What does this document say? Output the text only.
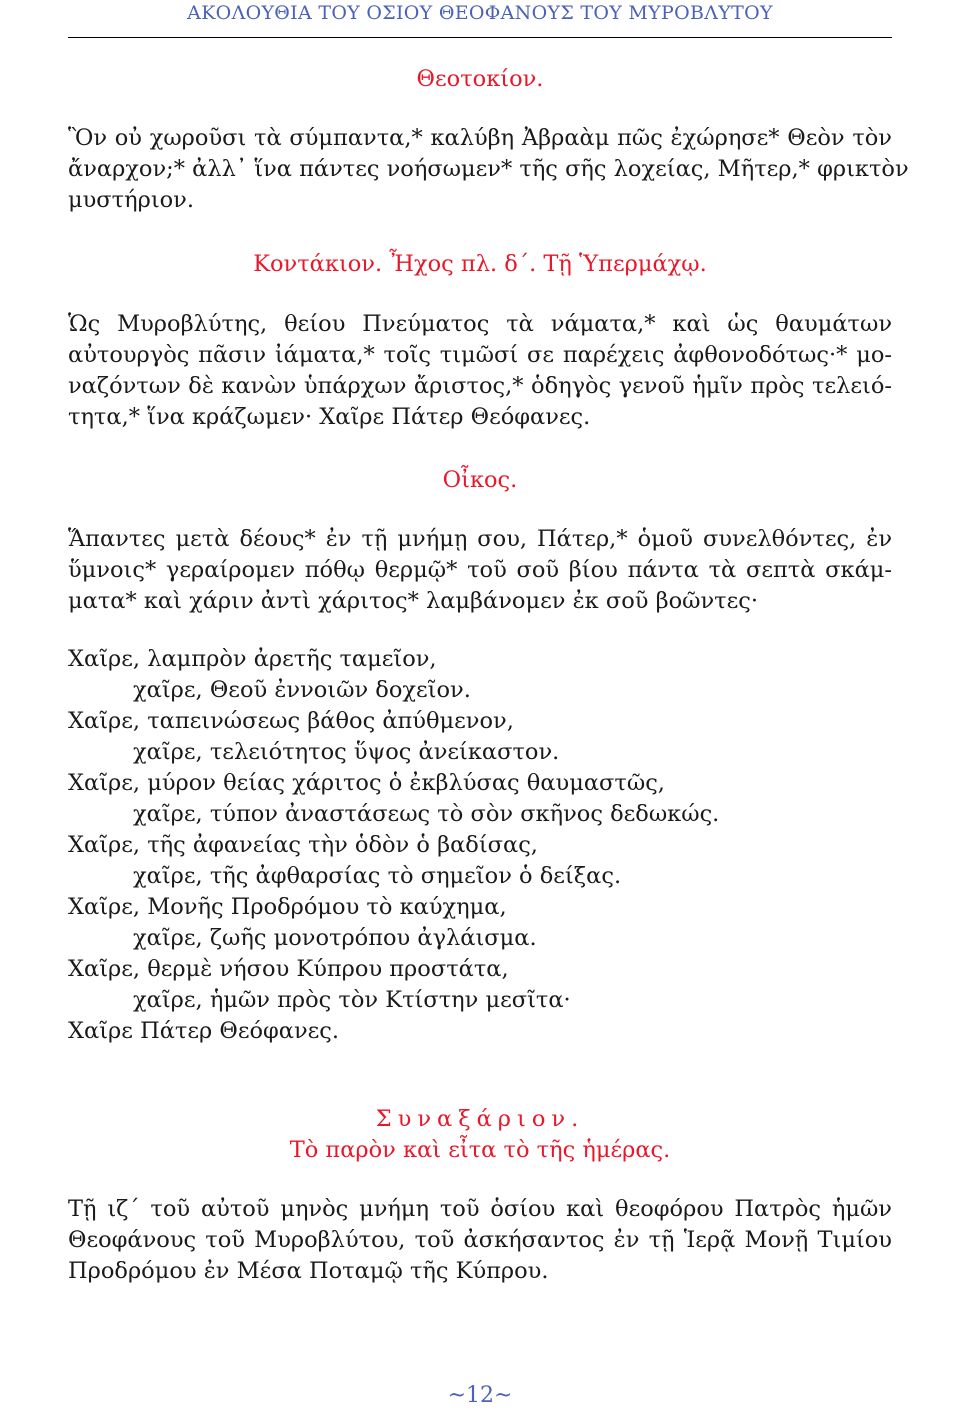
ΑΚΟΛΟΥΘΙΑ ΤΟΥ ΟΣΙΟΥ ΘΕΟΦΑΝΟΥΣ ΤΟΥ ΜΥΡΟΒΛΥΤΟΥ
Θεοτοκίον.
Ὃν οὐ χωροῦσι τὰ σύμπαντα,* καλύβη Ἀβραὰμ πῶς ἐχώρησε* Θεὸν τὸν
ἄναρχον;* ἀλλ᾽ ἵνα πάντες νοήσωμεν* τῆς σῆς λοχείας, Μῆτερ,* φρικτὸν
μυστήριον.
Κοντάκιον. Ἦχος πλ. δ΄. Τῇ Ὑπερμάχῳ.
Ὡς Μυροβλύτης, θείου Πνεύματος τὰ νάματα,* καὶ ὡς θαυμάτων
αὐτουργὸς πᾶσιν ἰάματα,* τοῖς τιμῶσί σε παρέχεις ἀφθονοδότως·* μο-
ναζόντων δὲ κανὼν ὑπάρχων ἄριστος,* ὁδηγὸς γενοῦ ἡμῖν πρὸς τελειό-
τητα,* ἵνα κράζωμεν· Χαῖρε Πάτερ Θεόφανες.
Οἶκος.
Ἅπαντες μετὰ δέους* ἐν τῇ μνήμῃ σου, Πάτερ,* ὁμοῦ συνελθόντες, ἐν
ὕμνοις* γεραίρομεν πόθῳ θερμῷ* τοῦ σοῦ βίου πάντα τὰ σεπτὰ σκάμ-
ματα* καὶ χάριν ἀντὶ χάριτος* λαμβάνομεν ἐκ σοῦ βοῶντες·
Χαῖρε, λαμπρὸν ἀρετῆς ταμεῖον,
χαῖρε, Θεοῦ ἐννοιῶν δοχεῖον.
Χαῖρε, ταπεινώσεως βάθος ἀπύθμενον,
χαῖρε, τελειότητος ὕψος ἀνείκαστον.
Χαῖρε, μύρον θείας χάριτος ὁ ἐκβλύσας θαυμαστῶς,
χαῖρε, τύπον ἀναστάσεως τὸ σὸν σκῆνος δεδωκώς.
Χαῖρε, τῆς ἀφανείας τὴν ὁδὸν ὁ βαδίσας,
χαῖρε, τῆς ἀφθαρσίας τὸ σημεῖον ὁ δείξας.
Χαῖρε, Μονῆς Προδρόμου τὸ καύχημα,
χαῖρε, ζωῆς μονοτρόπου ἀγλάισμα.
Χαῖρε, θερμὲ νήσου Κύπρου προστάτα,
χαῖρε, ἡμῶν πρὸς τὸν Κτίστην μεσῖτα·
Χαῖρε Πάτερ Θεόφανες.
Συναξάριον.
Τὸ παρὸν καὶ εἶτα τὸ τῆς ἡμέρας.
Τῇ ιζ΄ τοῦ αὐτοῦ μηνὸς μνήμη τοῦ ὁσίου καὶ θεοφόρου Πατρὸς ἡμῶν
Θεοφάνους τοῦ Μυροβλύτου, τοῦ ἀσκήσαντος ἐν τῇ Ἱερᾷ Μονῇ Τιμίου
Προδρόμου ἐν Μέσα Ποταμῷ τῆς Κύπρου.
~12~
